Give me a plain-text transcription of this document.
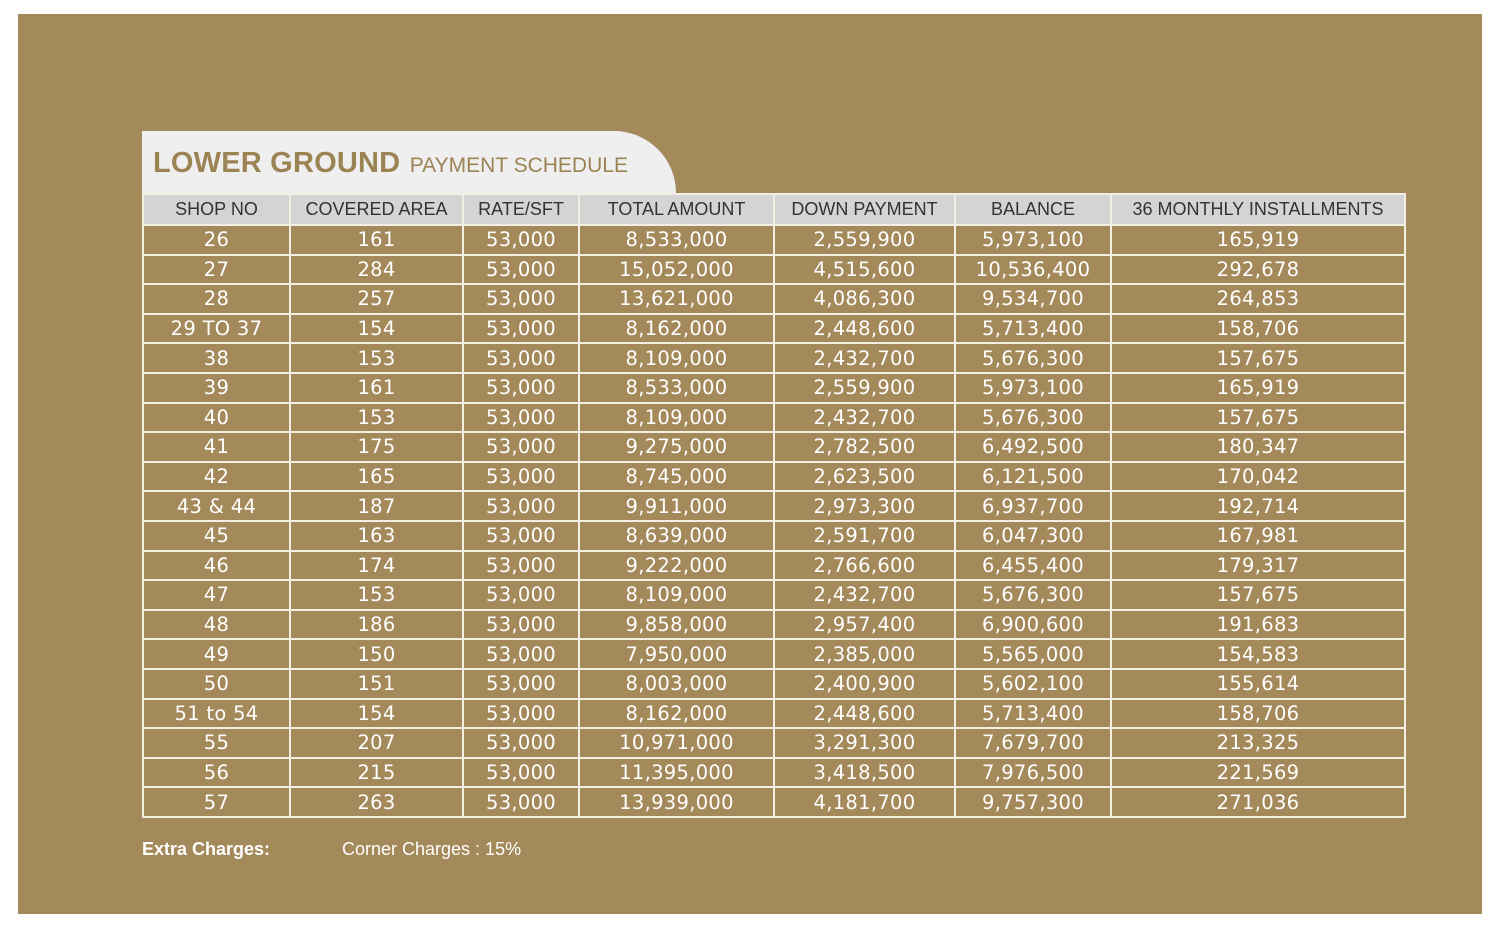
LOWER GROUND PAYMENT SCHEDULE
SHOP NO	COVERED AREA	RATE/SFT	TOTAL AMOUNT	DOWN PAYMENT	BALANCE	36 MONTHLY INSTALLMENTS
26	161	53,000	8,533,000	2,559,900	5,973,100	165,919
27	284	53,000	15,052,000	4,515,600	10,536,400	292,678
28	257	53,000	13,621,000	4,086,300	9,534,700	264,853
29 TO 37	154	53,000	8,162,000	2,448,600	5,713,400	158,706
38	153	53,000	8,109,000	2,432,700	5,676,300	157,675
39	161	53,000	8,533,000	2,559,900	5,973,100	165,919
40	153	53,000	8,109,000	2,432,700	5,676,300	157,675
41	175	53,000	9,275,000	2,782,500	6,492,500	180,347
42	165	53,000	8,745,000	2,623,500	6,121,500	170,042
43 & 44	187	53,000	9,911,000	2,973,300	6,937,700	192,714
45	163	53,000	8,639,000	2,591,700	6,047,300	167,981
46	174	53,000	9,222,000	2,766,600	6,455,400	179,317
47	153	53,000	8,109,000	2,432,700	5,676,300	157,675
48	186	53,000	9,858,000	2,957,400	6,900,600	191,683
49	150	53,000	7,950,000	2,385,000	5,565,000	154,583
50	151	53,000	8,003,000	2,400,900	5,602,100	155,614
51 to 54	154	53,000	8,162,000	2,448,600	5,713,400	158,706
55	207	53,000	10,971,000	3,291,300	7,679,700	213,325
56	215	53,000	11,395,000	3,418,500	7,976,500	221,569
57	263	53,000	13,939,000	4,181,700	9,757,300	271,036
Extra Charges:	Corner Charges : 15%
